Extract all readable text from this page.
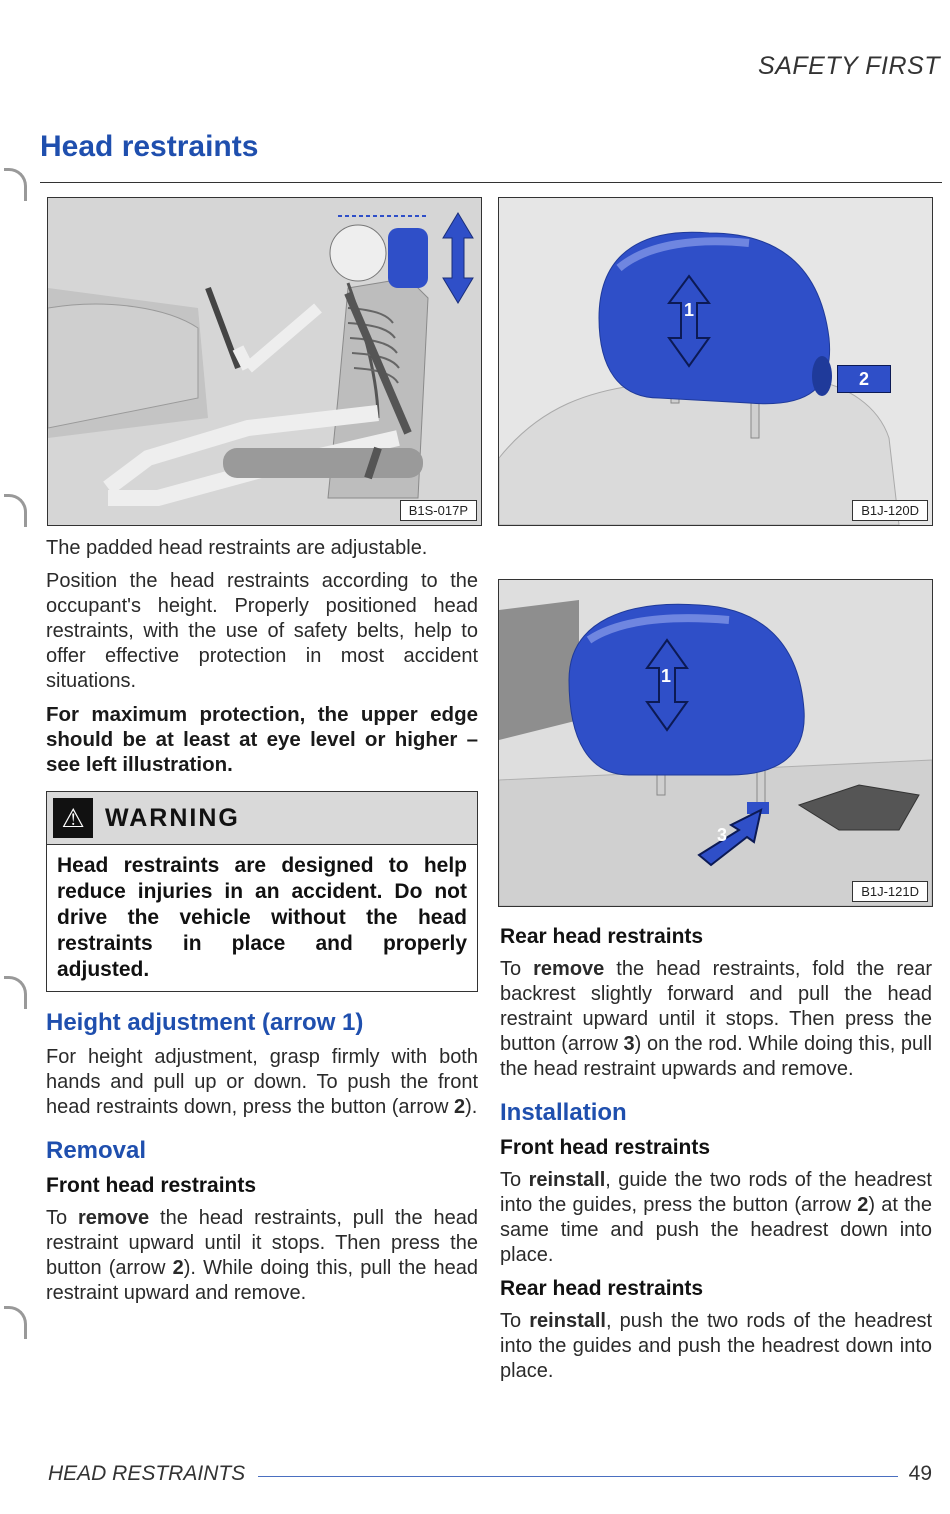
SAFETY FIRST
Head restraints
B1S-017P
1
2
B1J-120D
1
3
B1J-121D

The padded head restraints are adjustable.

Position the head restraints according to the occupant's height. Properly positioned head restraints, with the use of safety belts, help to offer effective protection in most accident situations.

For maximum protection, the upper edge should be at least at eye level or higher – see left illustration.

⚠ WARNING
Head restraints are designed to help reduce injuries in an accident. Do not drive the vehicle without the head restraints in place and properly adjusted.
Height adjustment (arrow 1)

For height adjustment, grasp firmly with both hands and pull up or down. To push the front head restraints down, press the button (arrow 2).

Removal
Front head restraints

To remove the head restraints, pull the head restraint upward until it stops. Then press the button (arrow 2). While doing this, pull the head restraint upward and remove.

Rear head restraints

To remove the head restraints, fold the rear backrest slightly forward and pull the head restraint upward until it stops. Then press the button (arrow 3) on the rod. While doing this, pull the head restraint upwards and remove.

Installation
Front head restraints

To reinstall, guide the two rods of the headrest into the guides, press the button (arrow 2) at the same time and push the headrest down into place.

Rear head restraints

To reinstall, push the two rods of the headrest into the guides and push the headrest down into place.

HEAD RESTRAINTS	49
